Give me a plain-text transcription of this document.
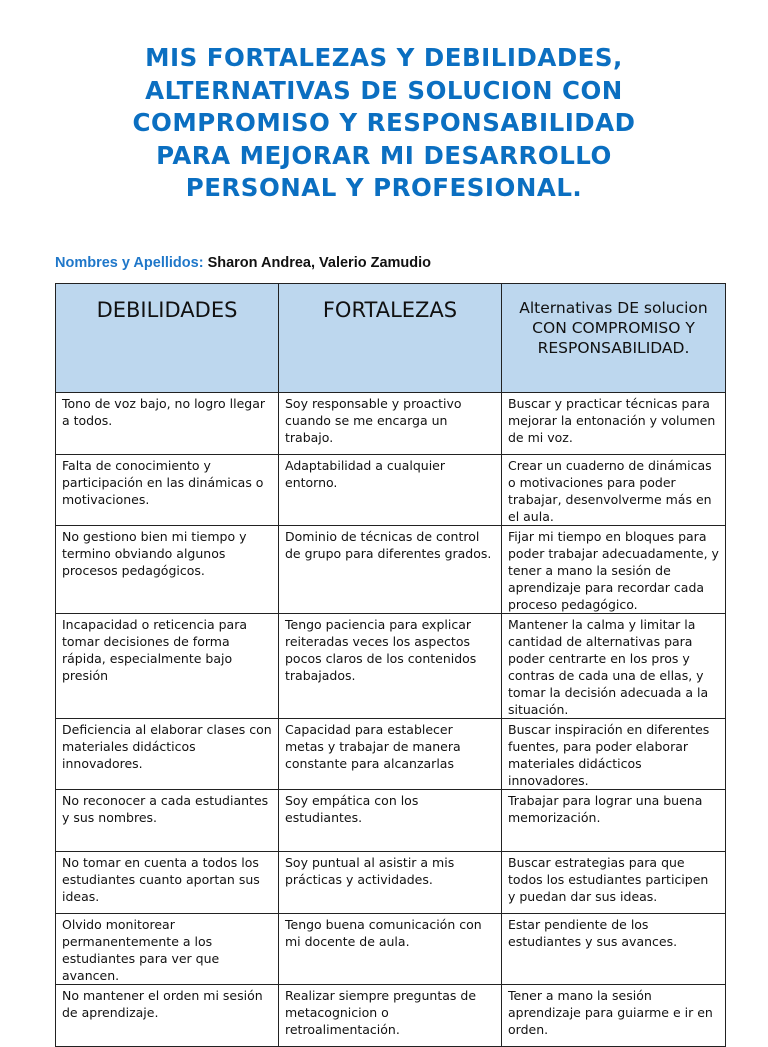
MIS FORTALEZAS Y DEBILIDADES,
ALTERNATIVAS DE SOLUCION CON
COMPROMISO Y RESPONSABILIDAD
PARA MEJORAR MI DESARROLLO
PERSONAL Y PROFESIONAL.
Nombres y Apellidos: Sharon Andrea, Valerio Zamudio
DEBILIDADES	FORTALEZAS	Alternativas DE solucion CON COMPROMISO Y RESPONSABILIDAD.
Tono de voz bajo, no logro llegar a todos.	Soy responsable y proactivo cuando se me encarga un trabajo.	Buscar y practicar técnicas para mejorar la entonación y volumen de mi voz.
Falta de conocimiento y participación en las dinámicas o motivaciones.	Adaptabilidad a cualquier entorno.	Crear un cuaderno de dinámicas o motivaciones para poder trabajar, desenvolverme más en el aula.
No gestiono bien mi tiempo y termino obviando algunos procesos pedagógicos.	Dominio de técnicas de control de grupo para diferentes grados.	Fijar mi tiempo en bloques para poder trabajar adecuadamente, y tener a mano la sesión de aprendizaje para recordar cada proceso pedagógico.
Incapacidad o reticencia para tomar decisiones de forma rápida, especialmente bajo presión	Tengo paciencia para explicar reiteradas veces los aspectos pocos claros de los contenidos trabajados.	Mantener la calma y limitar la cantidad de alternativas para poder centrarte en los pros y contras de cada una de ellas, y tomar la decisión adecuada a la situación.
Deficiencia al elaborar clases con materiales didácticos innovadores.	Capacidad para establecer metas y trabajar de manera constante para alcanzarlas	Buscar inspiración en diferentes fuentes, para poder elaborar materiales didácticos innovadores.
No reconocer a cada estudiantes y sus nombres.	Soy empática con los estudiantes.	Trabajar para lograr una buena memorización.
No tomar en cuenta a todos los estudiantes cuanto aportan sus ideas.	Soy puntual al asistir a mis prácticas y actividades.	Buscar estrategias para que todos los estudiantes participen y puedan dar sus ideas.
Olvido monitorear permanentemente a los estudiantes para ver que avancen.	Tengo buena comunicación con mi docente de aula.	Estar pendiente de los estudiantes y sus avances.
No mantener el orden mi sesión de aprendizaje.	Realizar siempre preguntas de metacognicion o retroalimentación.	Tener a mano la sesión aprendizaje para guiarme e ir en orden.
